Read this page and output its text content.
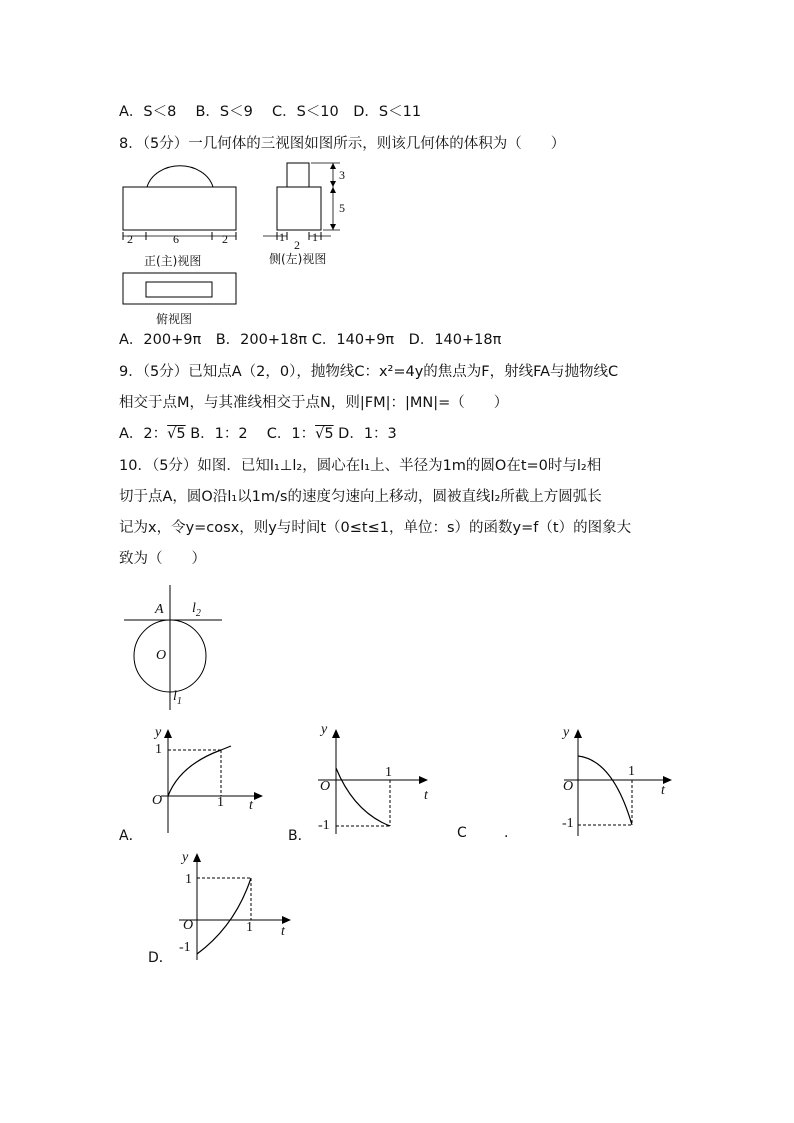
A．S＜8　 B．S＜9　 C．S＜10　D．S＜11
8．（5分）一几何体的三视图如图所示，则该几何体的体积为（　　）
2	6	2	1
2
1
3
5
正(主)视图	侧(左)视图
俯视图
A．200+9π　B．200+18π C．140+9π　D．140+18π
9．（5分）已知点A（2，0），抛物线C：x²=4y的焦点为F，射线FA与抛物线C
相交于点M，与其准线相交于点N，则|FM|：|MN|=（　　）
A．2：√5 B．1：2　 C．1：√5 D．1：3
10．（5分）如图．已知l₁⊥l₂，圆心在l₁上、半径为1m的圆O在t=0时与l₂相
切于点A，圆O沿l₁以1m/s的速度匀速向上移动，圆被直线l₂所截上方圆弧长
记为x，令y=cosx，则y与时间t（0≤t≤1，单位：s）的函数y=f（t）的图象大
致为（　　）
A
O
$l_2$
$l_1$
y
1
O	1 t
y
O
1
t
-1
y
O
1
t
-1
y
1
O	1 t
-1
A．	B．	C	.
D．
